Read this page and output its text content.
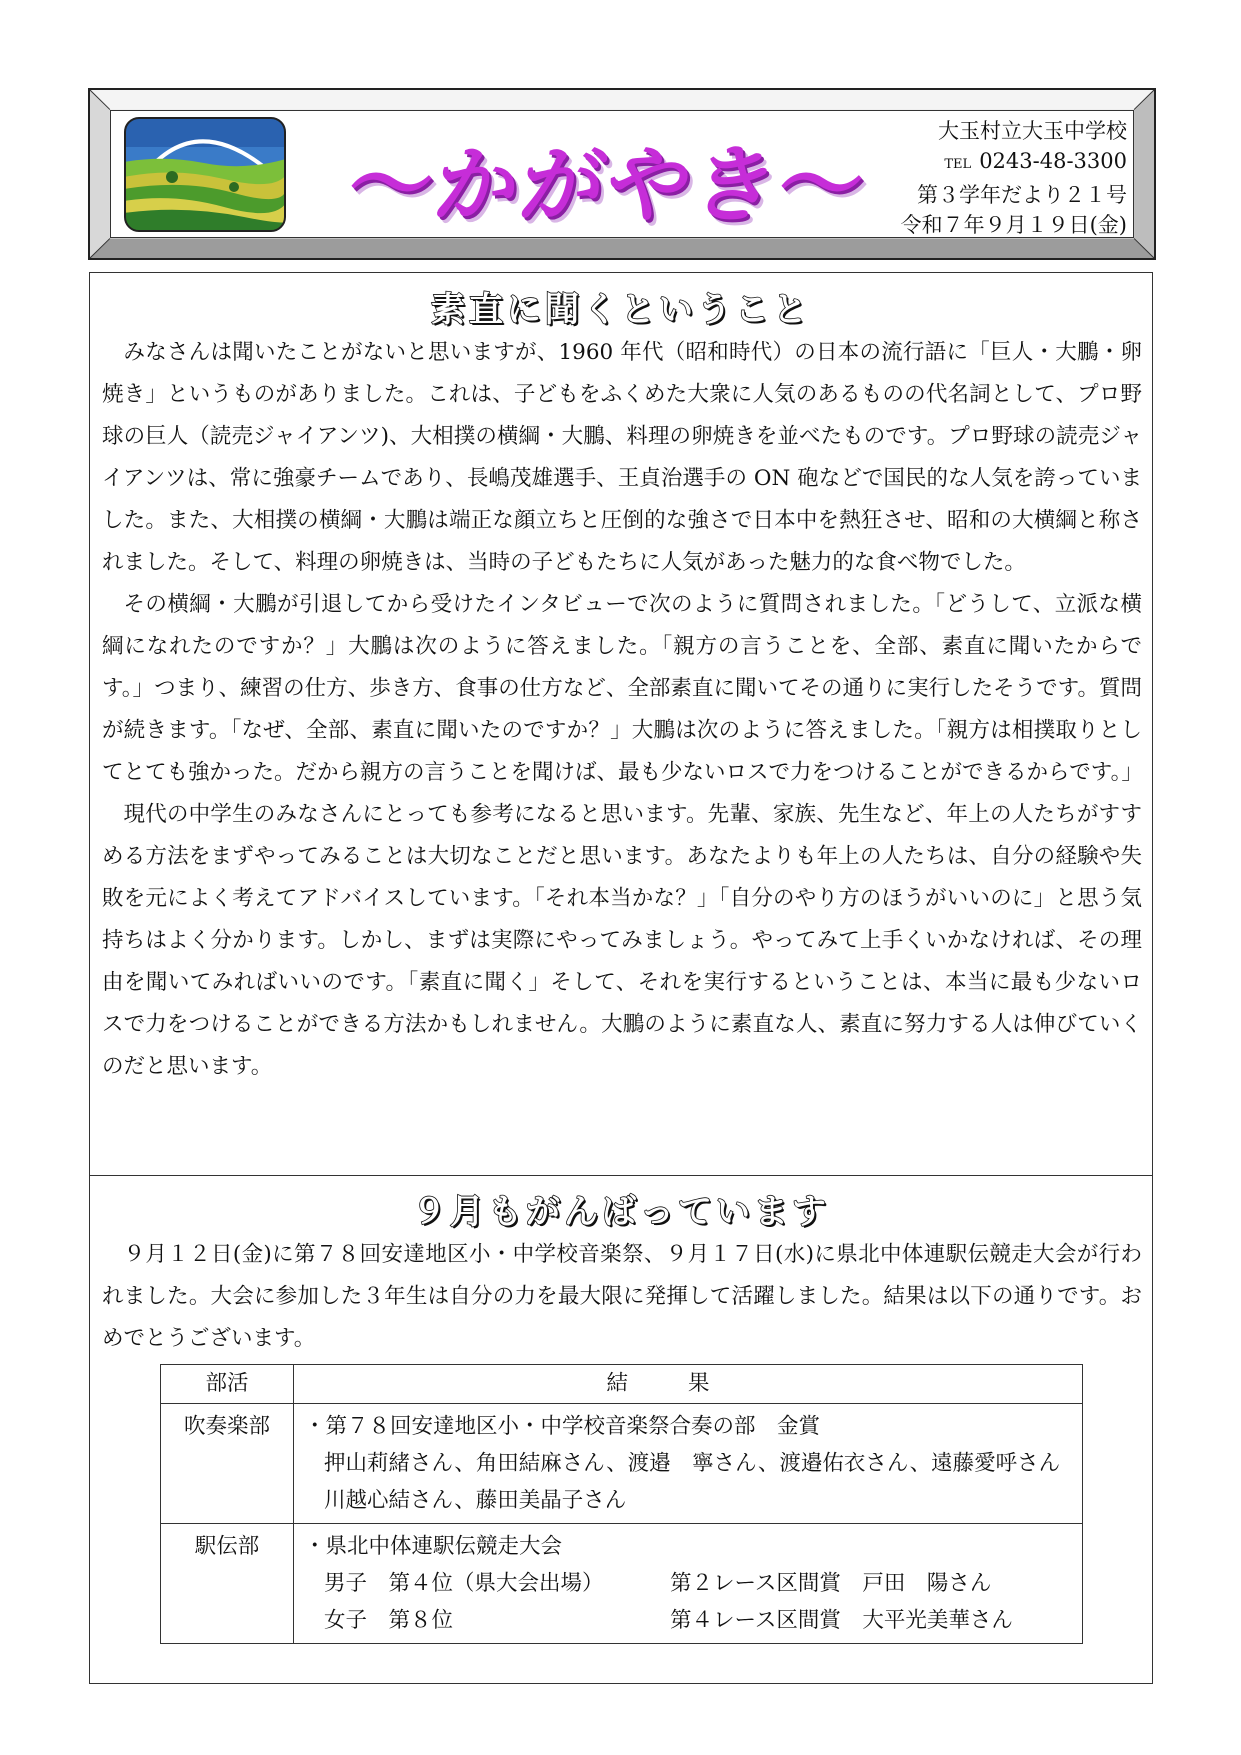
～かがやき～
大玉村立大玉中学校
TEL 0243-48-3300
第３学年だより２１号
令和７年９月１９日(金)
素直に聞くということ

みなさんは聞いたことがないと思いますが、1960 年代（昭和時代）の日本の流行語に「巨人・大鵬・卵焼き」というものがありました。これは、子どもをふくめた大衆に人気のあるものの代名詞として、プロ野球の巨人（読売ジャイアンツ)、大相撲の横綱・大鵬、料理の卵焼きを並べたものです。プロ野球の読売ジャイアンツは、常に強豪チームであり、長嶋茂雄選手、王貞治選手の ON 砲などで国民的な人気を誇っていました。また、大相撲の横綱・大鵬は端正な顔立ちと圧倒的な強さで日本中を熱狂させ、昭和の大横綱と称されました。そして、料理の卵焼きは、当時の子どもたちに人気があった魅力的な食べ物でした。

その横綱・大鵬が引退してから受けたインタビューで次のように質問されました。「どうして、立派な横綱になれたのですか？」大鵬は次のように答えました。「親方の言うことを、全部、素直に聞いたからです。」つまり、練習の仕方、歩き方、食事の仕方など、全部素直に聞いてその通りに実行したそうです。質問が続きます。「なぜ、全部、素直に聞いたのですか？」大鵬は次のように答えました。「親方は相撲取りとしてとても強かった。だから親方の言うことを聞けば、最も少ないロスで力をつけることができるからです。」

現代の中学生のみなさんにとっても参考になると思います。先輩、家族、先生など、年上の人たちがすすめる方法をまずやってみることは大切なことだと思います。あなたよりも年上の人たちは、自分の経験や失敗を元によく考えてアドバイスしています。「それ本当かな？」「自分のやり方のほうがいいのに」と思う気持ちはよく分かります。しかし、まずは実際にやってみましょう。やってみて上手くいかなければ、その理由を聞いてみればいいのです。「素直に聞く」そして、それを実行するということは、本当に最も少ないロスで力をつけることができる方法かもしれません。大鵬のように素直な人、素直に努力する人は伸びていくのだと思います。

９月もがんばっています

９月１２日(金)に第７８回安達地区小・中学校音楽祭、９月１７日(水)に県北中体連駅伝競走大会が行われました。大会に参加した３年生は自分の力を最大限に発揮して活躍しました。結果は以下の通りです。おめでとうございます。

部活	結果
吹奏楽部	・第７８回安達地区小・中学校音楽祭合奏の部　金賞
押山莉緒さん、角田結麻さん、渡邉　寧さん、渡邉佑衣さん、遠藤愛呼さん
川越心結さん、藤田美晶子さん

駅伝部	・県北中体連駅伝競走大会
男子　第４位（県大会出場） 第２レース区間賞　戸田　陽さん
女子　第８位 第４レース区間賞　大平光美華さん
